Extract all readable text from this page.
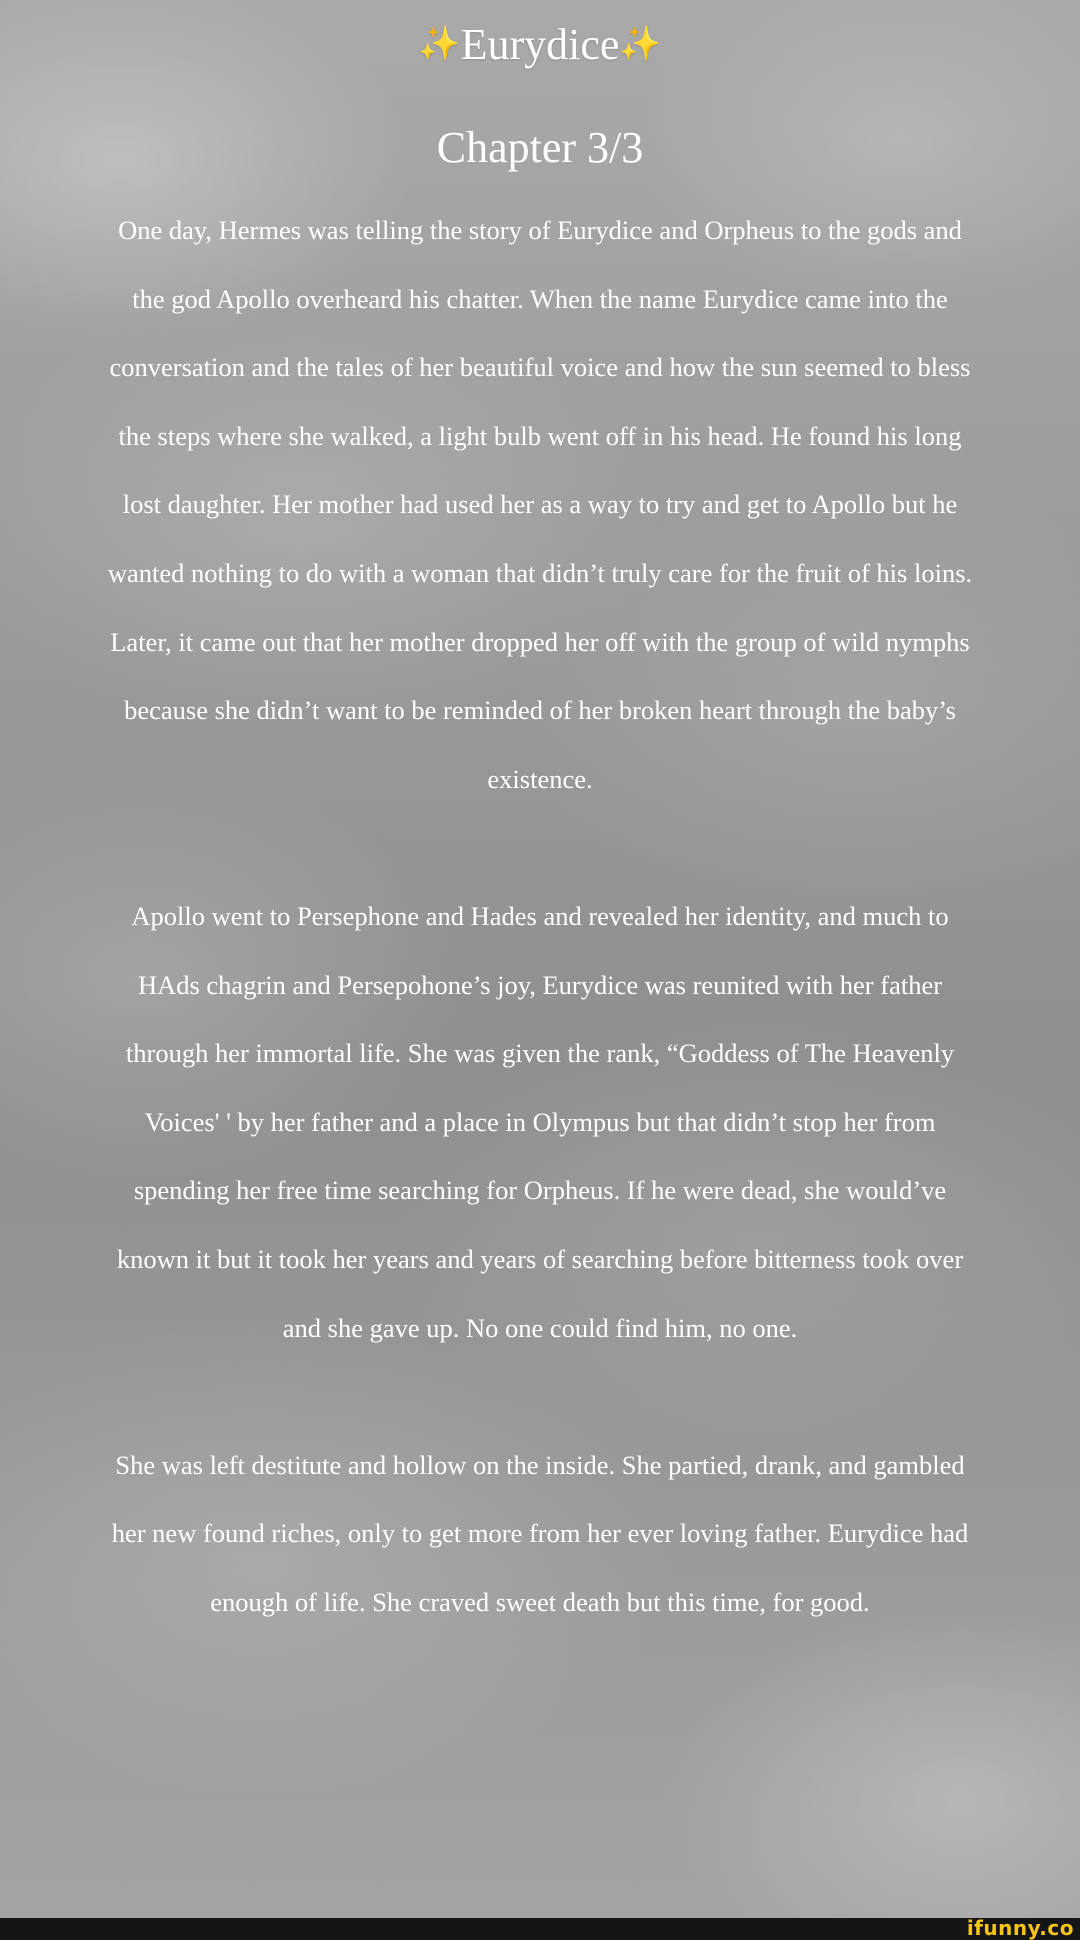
✨Eurydice✨
Chapter 3/3

One day, Hermes was telling the story of Eurydice and Orpheus to the gods and the god Apollo overheard his chatter. When the name Eurydice came into the conversation and the tales of her beautiful voice and how the sun seemed to bless the steps where she walked, a light bulb went off in his head. He found his long lost daughter. Her mother had used her as a way to try and get to Apollo but he wanted nothing to do with a woman that didn’t truly care for the fruit of his loins. Later, it came out that her mother dropped her off with the group of wild nymphs because she didn’t want to be reminded of her broken heart through the baby’s existence.

Apollo went to Persephone and Hades and revealed her identity, and much to HAds chagrin and Persepohone’s joy, Eurydice was reunited with her father through her immortal life. She was given the rank, “Goddess of The Heavenly Voices' ' by her father and a place in Olympus but that didn’t stop her from spending her free time searching for Orpheus. If he were dead, she would’ve known it but it took her years and years of searching before bitterness took over and she gave up. No one could find him, no one.

She was left destitute and hollow on the inside. She partied, drank, and gambled her new found riches, only to get more from her ever loving father. Eurydice had enough of life. She craved sweet death but this time, for good.

ifunny.co
